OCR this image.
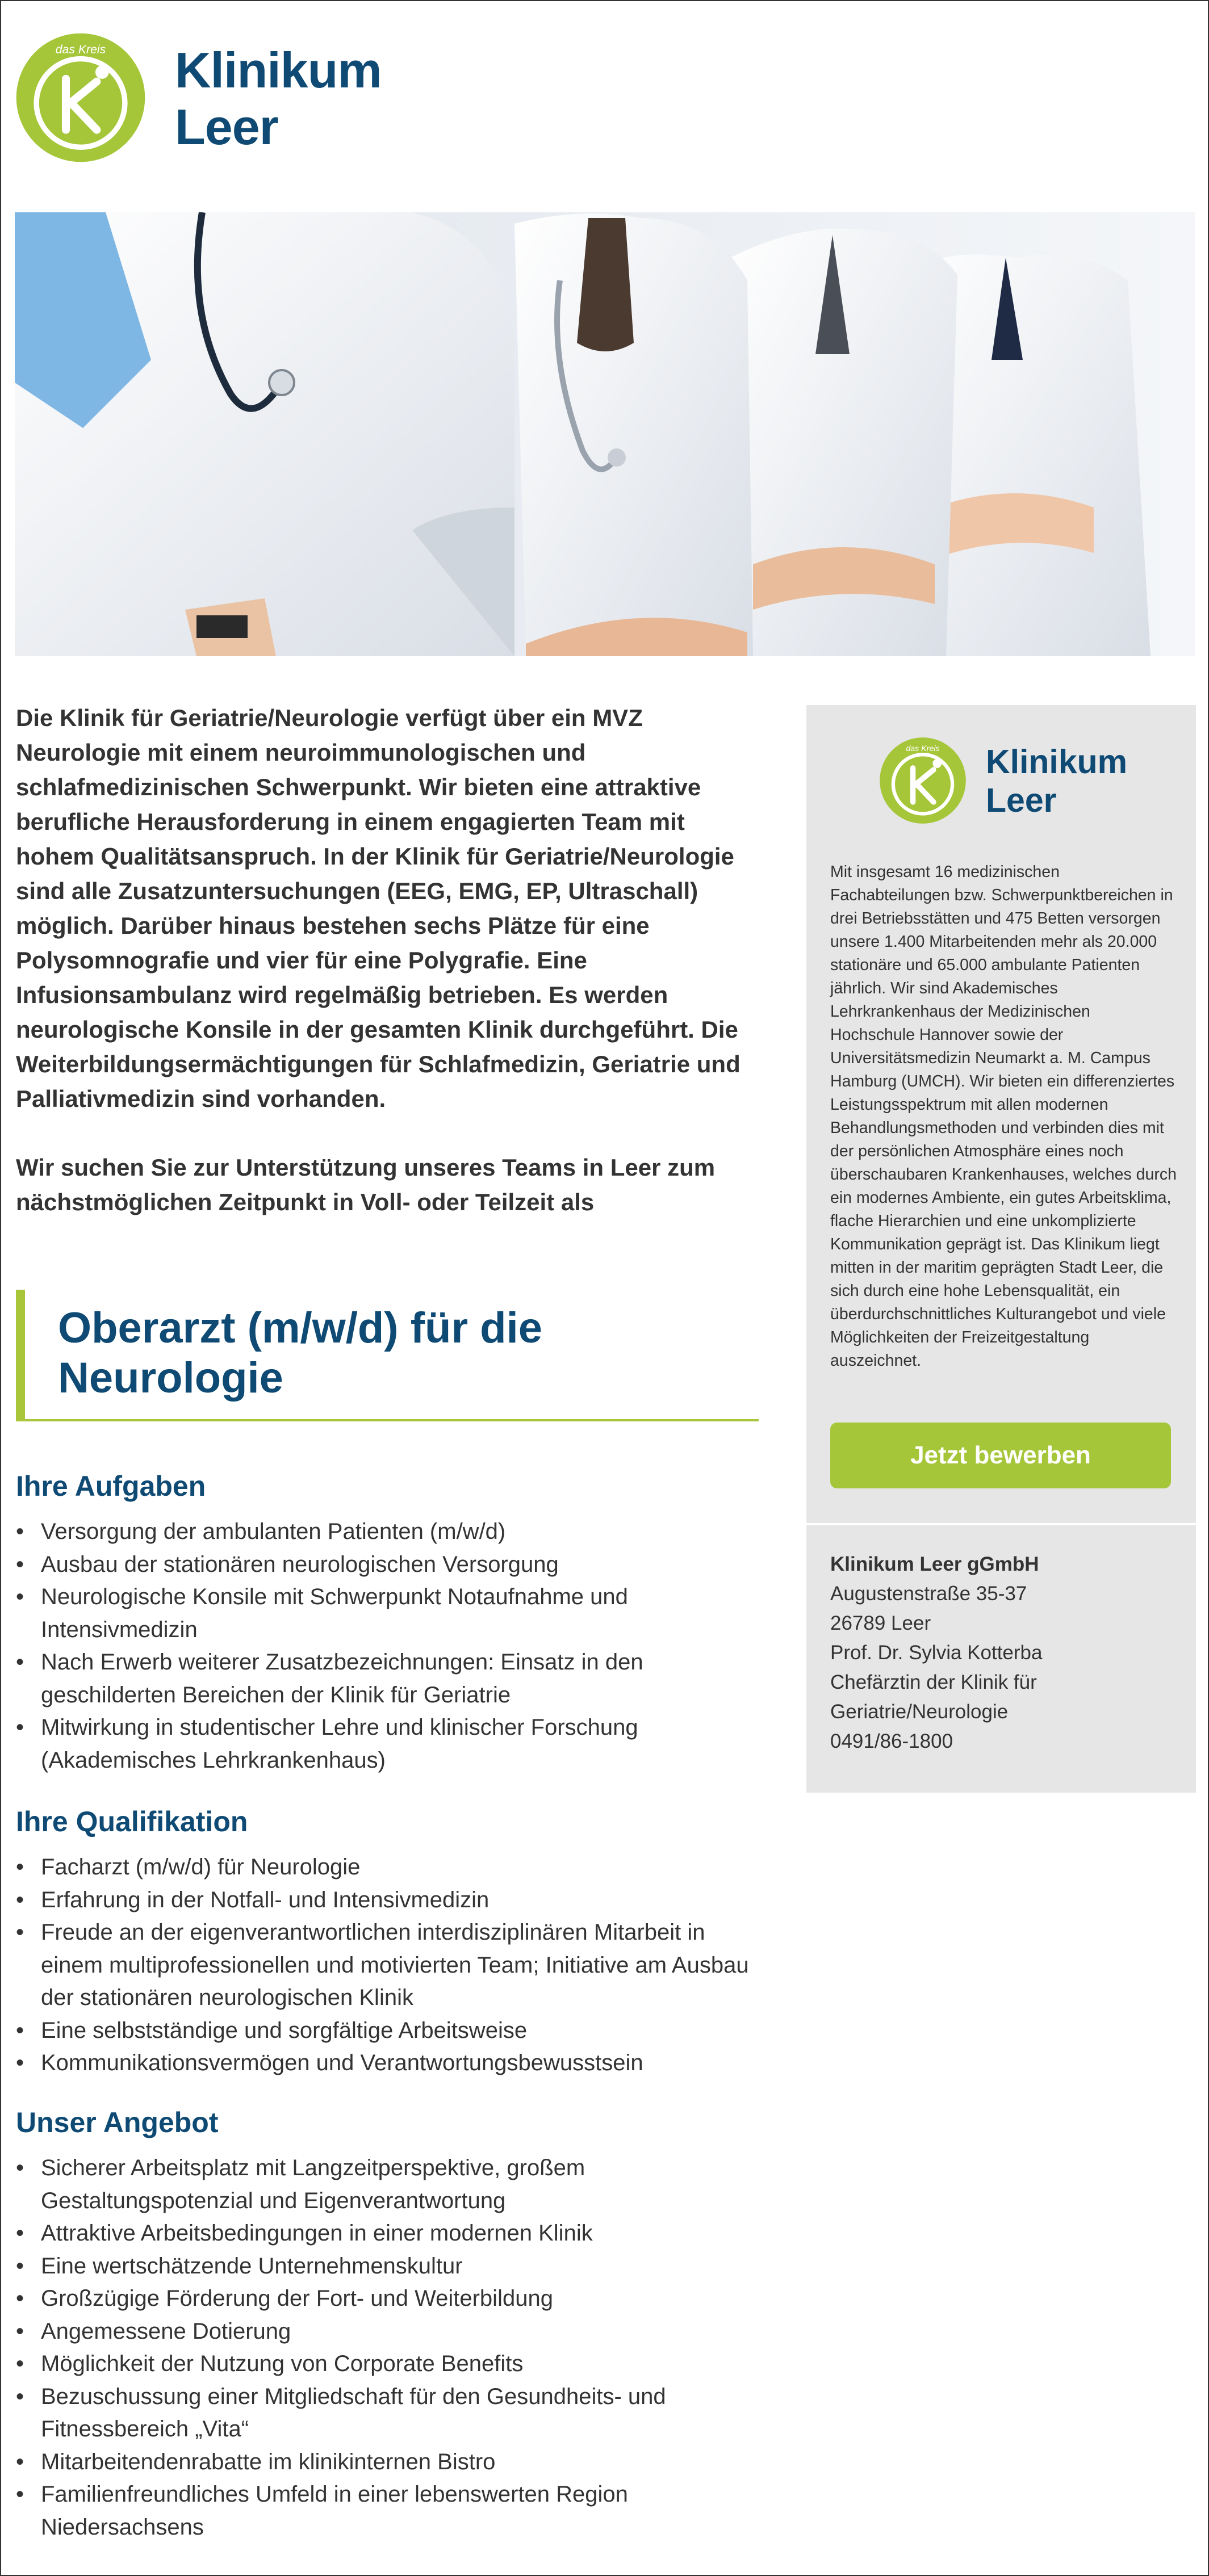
das Kreis Klinikum
Leer

Die Klinik für Geriatrie/Neurologie verfügt über ein MVZ Neurologie mit einem neuroimmunologischen und schlafmedizinischen Schwerpunkt. Wir bieten eine attraktive berufliche Herausforderung in einem engagierten Team mit hohem Qualitätsanspruch. In der Klinik für Geriatrie/Neurologie sind alle Zusatzuntersuchungen (EEG, EMG, EP, Ultraschall) möglich. Darüber hinaus bestehen sechs Plätze für eine Polysomnografie und vier für eine Polygrafie. Eine Infusionsambulanz wird regelmäßig betrieben. Es werden neurologische Konsile in der gesamten Klinik durchgeführt. Die Weiterbildungsermächtigungen für Schlafmedizin, Geriatrie und Palliativmedizin sind vorhanden.

Wir suchen Sie zur Unterstützung unseres Teams in Leer zum nächstmöglichen Zeitpunkt in Voll- oder Teilzeit als

Oberarzt (m/w/d) für die
Neurologie
Ihre Aufgaben
• Versorgung der ambulanten Patienten (m/w/d)
• Ausbau der stationären neurologischen Versorgung
• Neurologische Konsile mit Schwerpunkt Notaufnahme und Intensivmedizin
• Nach Erwerb weiterer Zusatzbezeichnungen: Einsatz in den geschilderten Bereichen der Klinik für Geriatrie
• Mitwirkung in studentischer Lehre und klinischer Forschung (Akademisches Lehrkrankenhaus)
Ihre Qualifikation
• Facharzt (m/w/d) für Neurologie
• Erfahrung in der Notfall- und Intensivmedizin
• Freude an der eigenverantwortlichen interdisziplinären Mitarbeit in einem multiprofessionellen und motivierten Team; Initiative am Ausbau der stationären neurologischen Klinik
• Eine selbstständige und sorgfältige Arbeitsweise
• Kommunikationsvermögen und Verantwortungsbewusstsein
Unser Angebot
• Sicherer Arbeitsplatz mit Langzeitperspektive, großem Gestaltungspotenzial und Eigenverantwortung
• Attraktive Arbeitsbedingungen in einer modernen Klinik
• Eine wertschätzende Unternehmenskultur
• Großzügige Förderung der Fort- und Weiterbildung
• Angemessene Dotierung
• Möglichkeit der Nutzung von Corporate Benefits
• Bezuschussung einer Mitgliedschaft für den Gesundheits- und Fitnessbereich „Vita“
• Mitarbeitendenrabatte im klinikinternen Bistro
• Familienfreundliches Umfeld in einer lebenswerten Region Niedersachsens
das Kreis Klinikum
Leer

Mit insgesamt 16 medizinischen Fachabteilungen bzw. Schwerpunktbereichen in drei Betriebsstätten und 475 Betten versorgen unsere 1.400 Mitarbeitenden mehr als 20.000 stationäre und 65.000 ambulante Patienten jährlich. Wir sind Akademisches Lehrkrankenhaus der Medizinischen Hochschule Hannover sowie der Universitätsmedizin Neumarkt a. M. Campus Hamburg (UMCH). Wir bieten ein differenziertes Leistungsspektrum mit allen modernen Behandlungsmethoden und verbinden dies mit der persönlichen Atmosphäre eines noch überschaubaren Krankenhauses, welches durch ein modernes Ambiente, ein gutes Arbeitsklima, flache Hierarchien und eine unkomplizierte Kommunikation geprägt ist. Das Klinikum liegt mitten in der maritim geprägten Stadt Leer, die sich durch eine hohe Lebensqualität, ein überdurchschnittliches Kulturangebot und viele Möglichkeiten der Freizeitgestaltung auszeichnet.

Jetzt bewerben
Klinikum Leer gGmbH
Augustenstraße 35-37
26789 Leer
Prof. Dr. Sylvia Kotterba
Chefärztin der Klinik für
Geriatrie/Neurologie
0491/86-1800
